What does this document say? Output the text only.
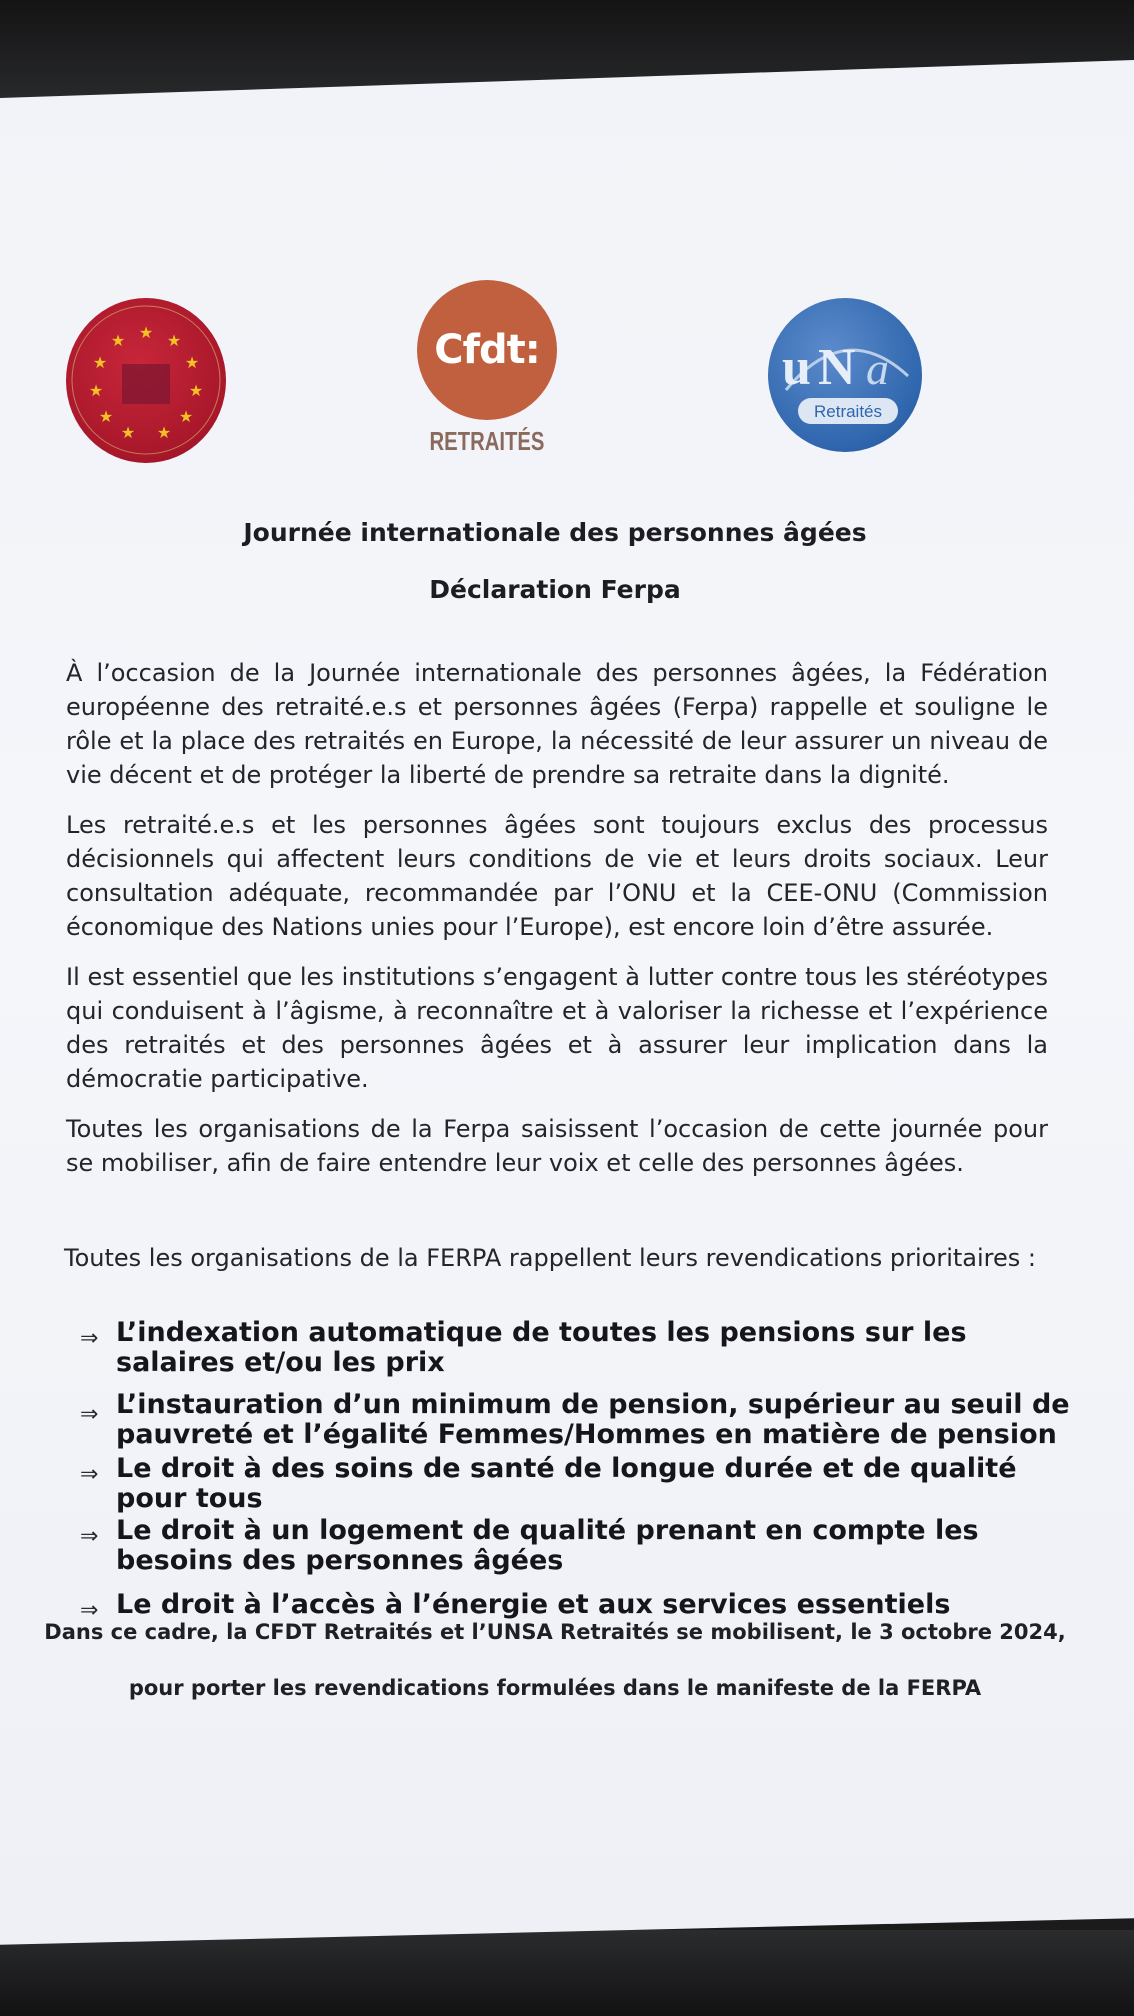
★ ★
★
★
★
★
★
★
★
★
★	Cfdt:
RETRAITÉS
u N a
Retraités
Journée internationale des personnes âgées
Déclaration Ferpa
À l’occasion de la Journée internationale des personnes âgées, la Fédération européenne des retraité.e.s et personnes âgées (Ferpa) rappelle et souligne le rôle et la place des retraités en Europe, la nécessité de leur assurer un niveau de vie décent et de protéger la liberté de prendre sa retraite dans la dignité.
Les retraité.e.s et les personnes âgées sont toujours exclus des processus décisionnels qui affectent leurs conditions de vie et leurs droits sociaux. Leur consultation adéquate, recommandée par l’ONU et la CEE-ONU (Commission économique des Nations unies pour l’Europe), est encore loin d’être assurée.
Il est essentiel que les institutions s’engagent à lutter contre tous les stéréotypes qui conduisent à l’âgisme, à reconnaître et à valoriser la richesse et l’expérience des retraités et des personnes âgées et à assurer leur implication dans la démocratie participative.
Toutes les organisations de la Ferpa saisissent l’occasion de cette journée pour se mobiliser, afin de faire entendre leur voix et celle des personnes âgées.
Toutes les organisations de la FERPA rappellent leurs revendications prioritaires :
⇒ L’indexation automatique de toutes les pensions sur les salaires et/ou les prix
⇒ L’instauration d’un minimum de pension, supérieur au seuil de pauvreté et l’égalité Femmes/Hommes en matière de pension
⇒ Le droit à des soins de santé de longue durée et de qualité pour tous
⇒ Le droit à un logement de qualité prenant en compte les besoins des personnes âgées
⇒ Le droit à l’accès à l’énergie et aux services essentiels
Dans ce cadre, la CFDT Retraités et l’UNSA Retraités se mobilisent, le 3 octobre 2024,
pour porter les revendications formulées dans le manifeste de la FERPA
